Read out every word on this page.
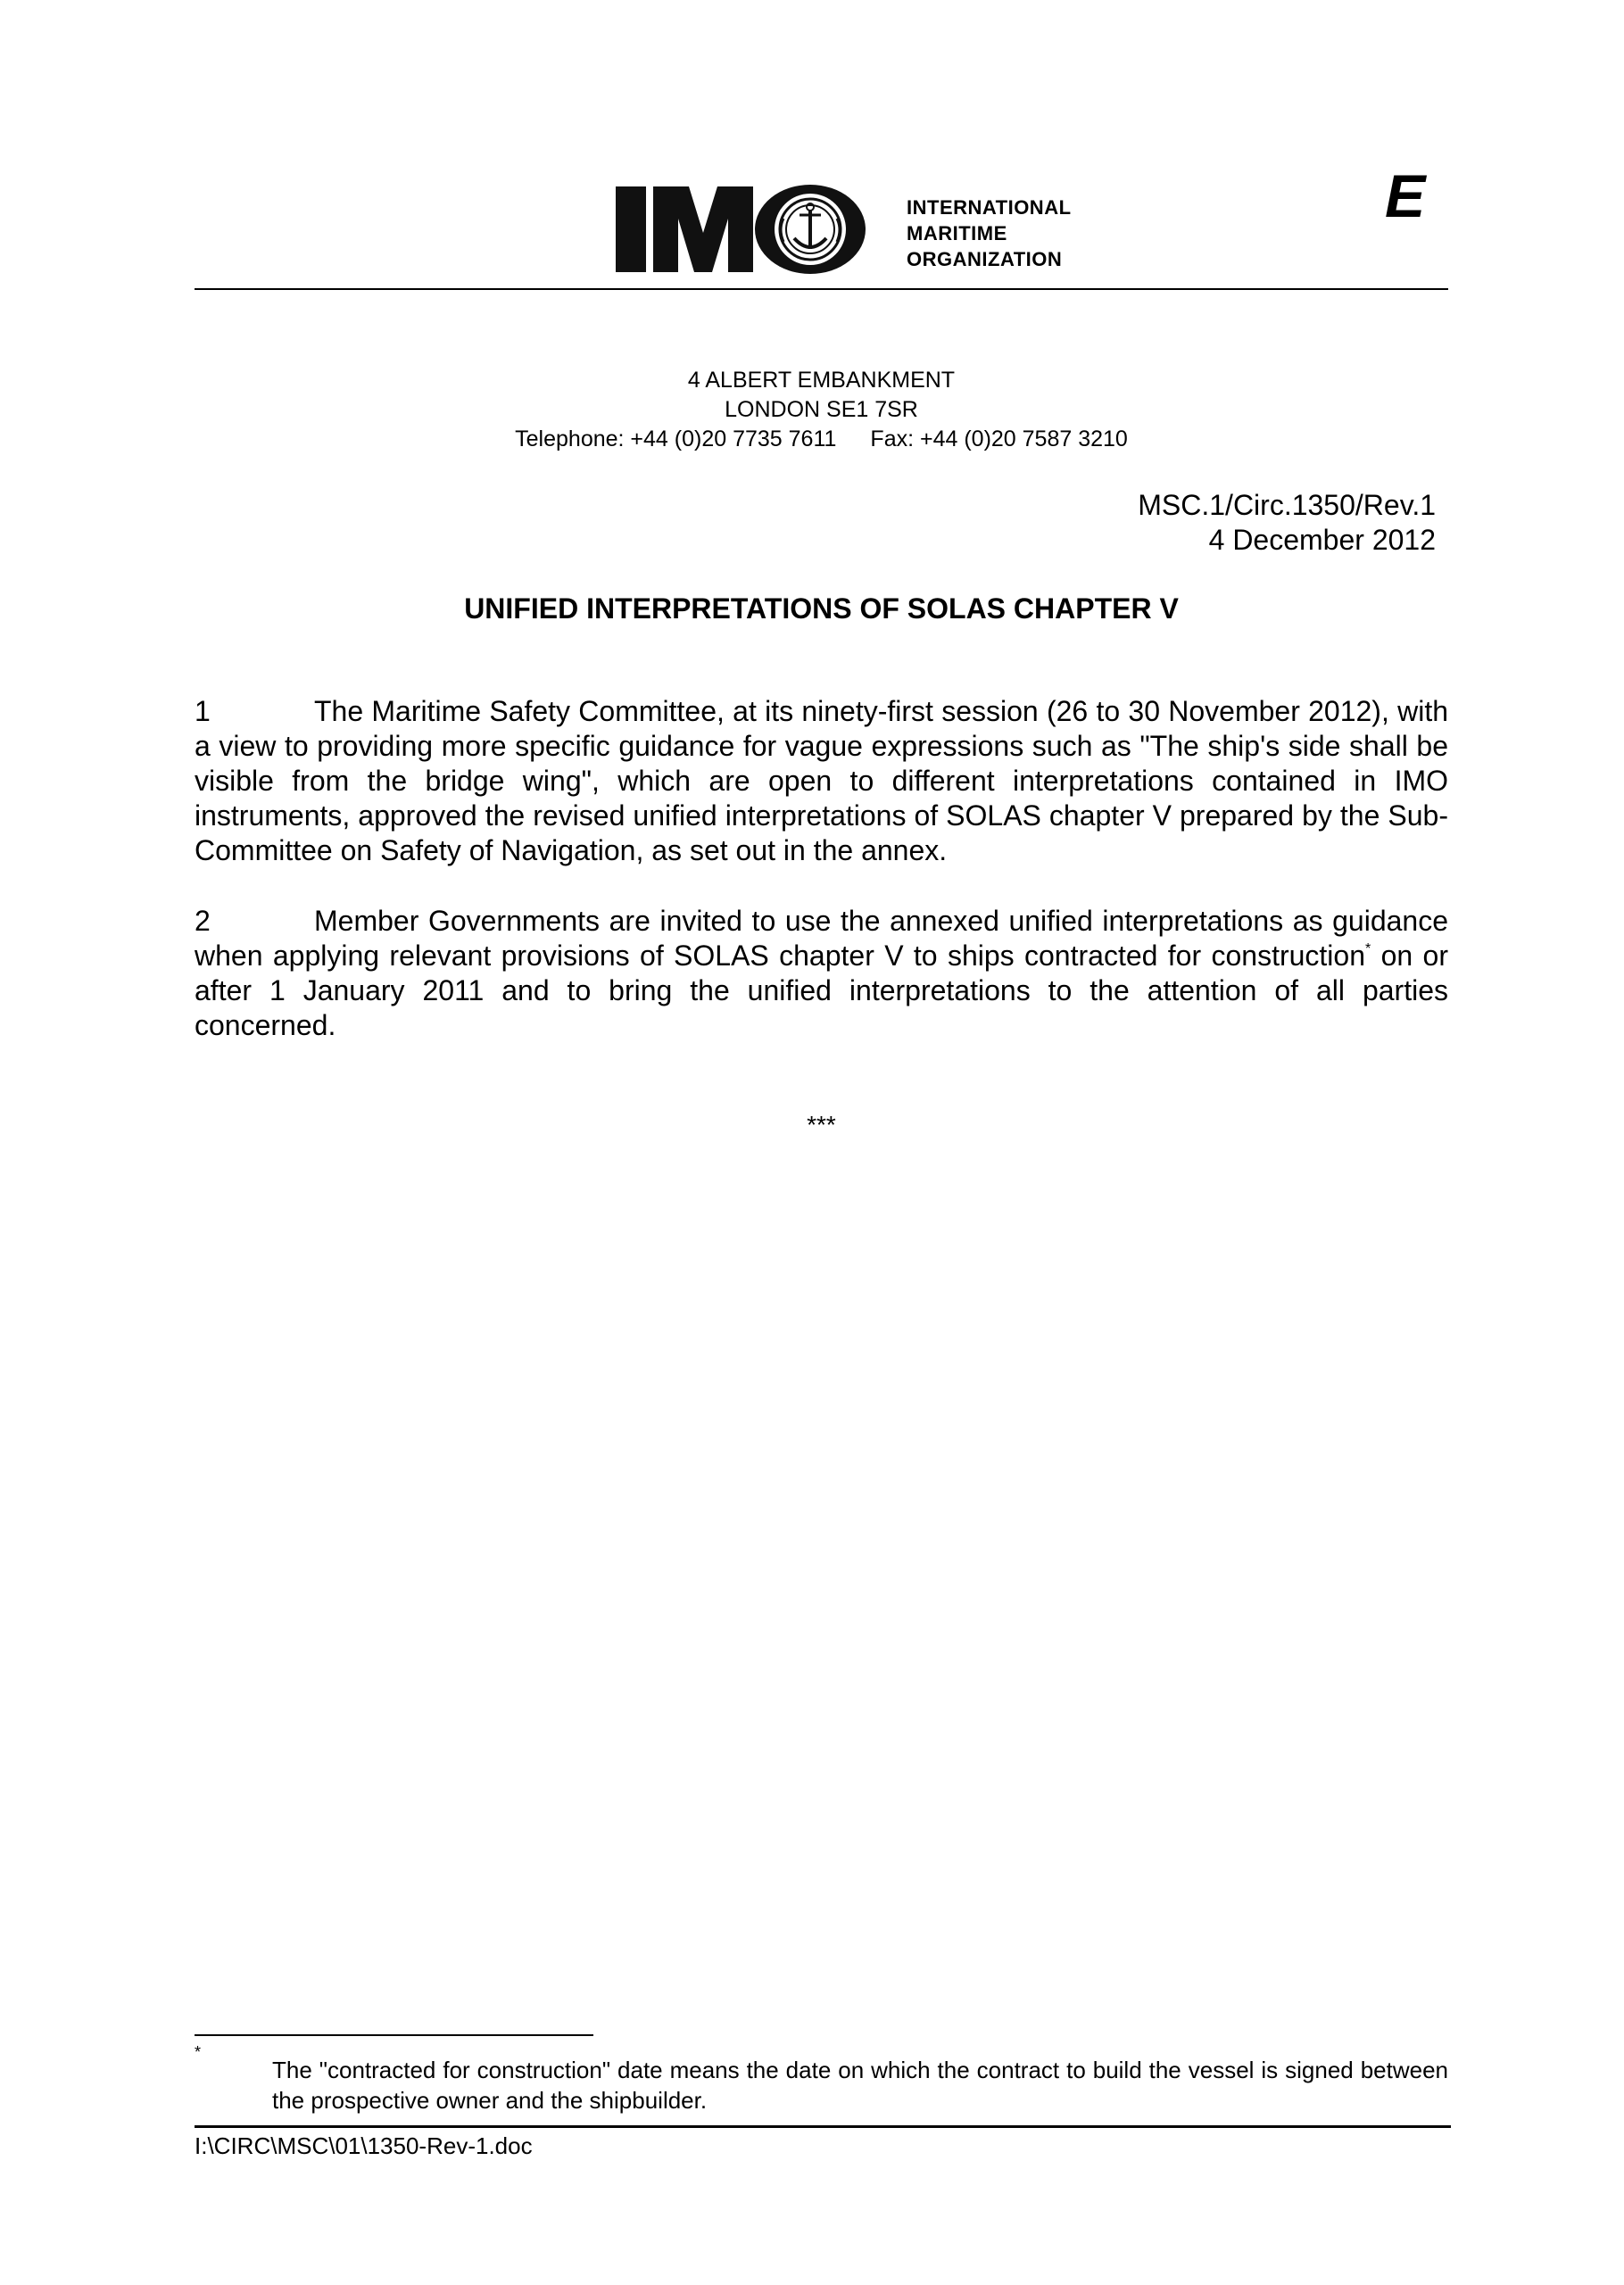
INTERNATIONAL
MARITIME
ORGANIZATION
E
4 ALBERT EMBANKMENT
LONDON SE1 7SR
Telephone: +44 (0)20 7735 7611 Fax: +44 (0)20 7587 3210
MSC.1/Circ.1350/Rev.1
4 December 2012
UNIFIED INTERPRETATIONS OF SOLAS CHAPTER V
1	The Maritime Safety Committee, at its ninety-first session (26 to 30 November 2012), with a view to providing more specific guidance for vague expressions such as "The ship's side shall be visible from the bridge wing", which are open to different interpretations contained in IMO instruments, approved the revised unified interpretations of SOLAS chapter V prepared by the Sub-Committee on Safety of Navigation, as set out in the annex.
2	Member Governments are invited to use the annexed unified interpretations as guidance when applying relevant provisions of SOLAS chapter V to ships contracted for construction* on or after 1 January 2011 and to bring the unified interpretations to the attention of all parties concerned.
***
*
The "contracted for construction" date means the date on which the contract to build the vessel is signed between the prospective owner and the shipbuilder.
I:\CIRC\MSC\01\1350-Rev-1.doc
